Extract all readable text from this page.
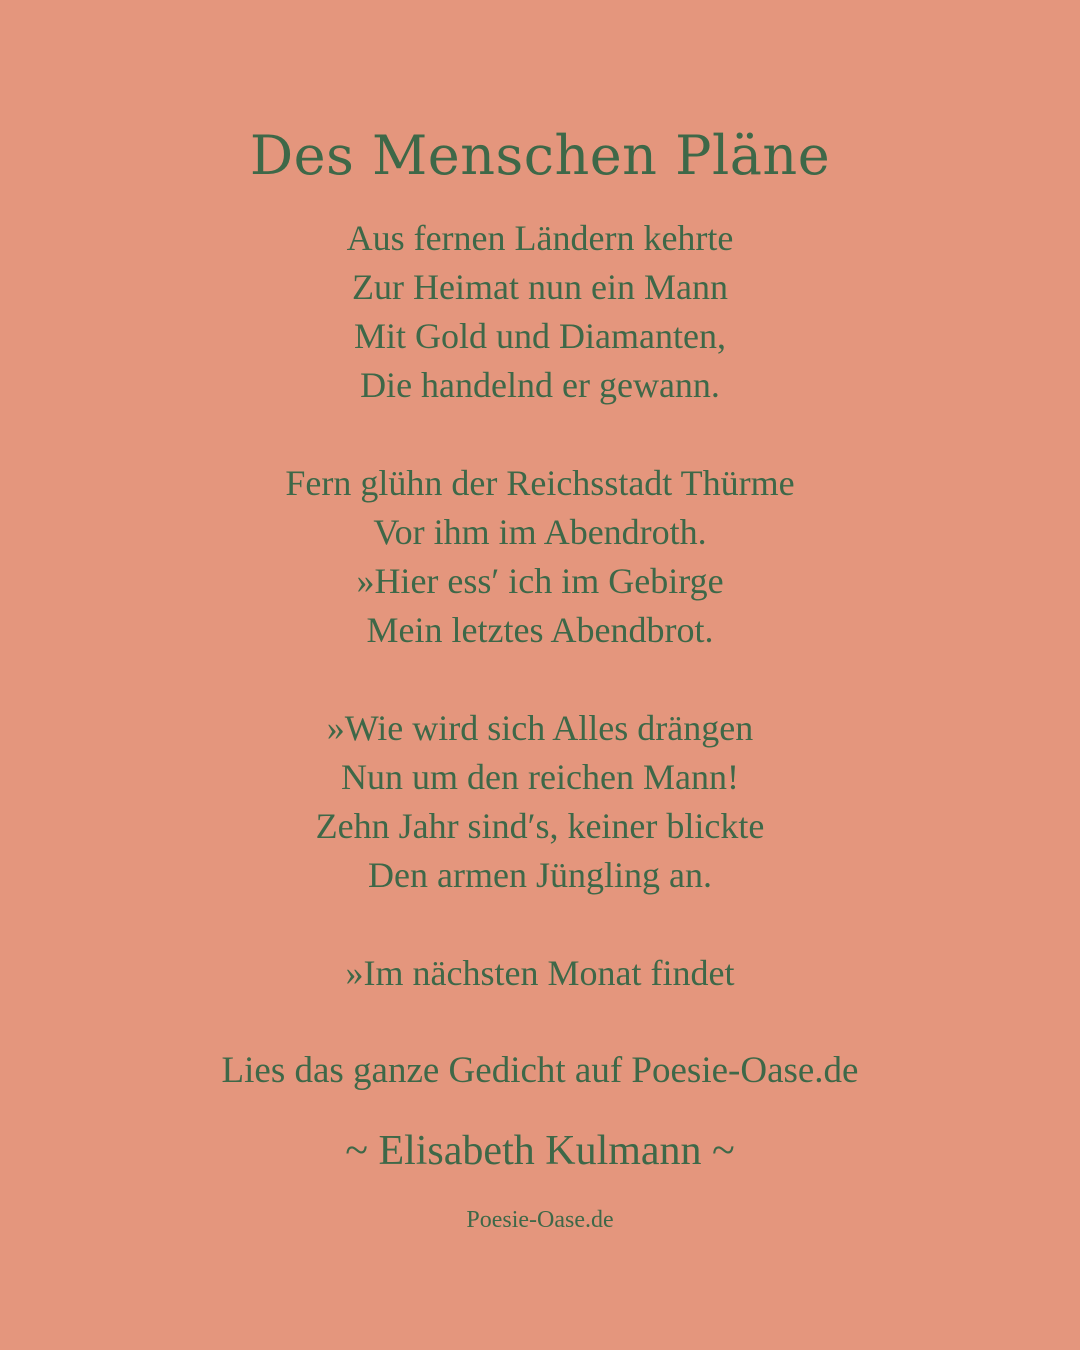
Des Menschen Pläne
Aus fernen Ländern kehrte
Zur Heimat nun ein Mann
Mit Gold und Diamanten,
Die handelnd er gewann.
Fern glühn der Reichsstadt Thürme
Vor ihm im Abendroth.
»Hier ess′ ich im Gebirge
Mein letztes Abendbrot.
»Wie wird sich Alles drängen
Nun um den reichen Mann!
Zehn Jahr sind′s, keiner blickte
Den armen Jüngling an.
»Im nächsten Monat findet
Lies das ganze Gedicht auf Poesie-Oase.de
~ Elisabeth Kulmann ~
Poesie-Oase.de
